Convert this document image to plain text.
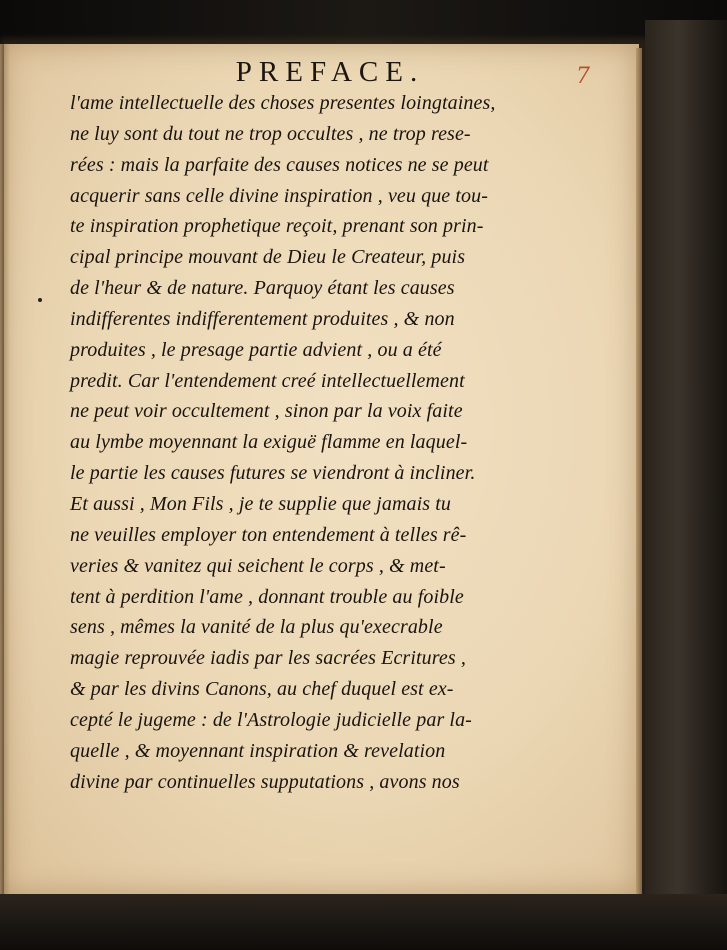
PREFACE.	7
l'ame intellectuelle des choses presentes loingtaines,
ne luy sont du tout ne trop occultes , ne trop rese-
rées : mais la parfaite des causes notices ne se peut
acquerir sans celle divine inspiration , veu que tou-
te inspiration prophetique reçoit, prenant son prin-
cipal principe mouvant de Dieu le Createur, puis
de l'heur & de nature. Parquoy étant les causes
indifferentes indifferentement produites , & non
produites , le presage partie advient , ou a été
predit. Car l'entendement creé intellectuellement
ne peut voir occultement , sinon par la voix faite
au lymbe moyennant la exiguë flamme en laquel-
le partie les causes futures se viendront à incliner.
Et aussi , Mon Fils , je te supplie que jamais tu
ne veuilles employer ton entendement à telles rê-
veries & vanitez qui seichent le corps , & met-
tent à perdition l'ame , donnant trouble au foible
sens , mêmes la vanité de la plus qu'execrable
magie reprouvée iadis par les sacrées Ecritures ,
& par les divins Canons, au chef duquel est ex-
cepté le jugeme : de l'Astrologie judicielle par la-
quelle , & moyennant inspiration & revelation
divine par continuelles supputations , avons nos
